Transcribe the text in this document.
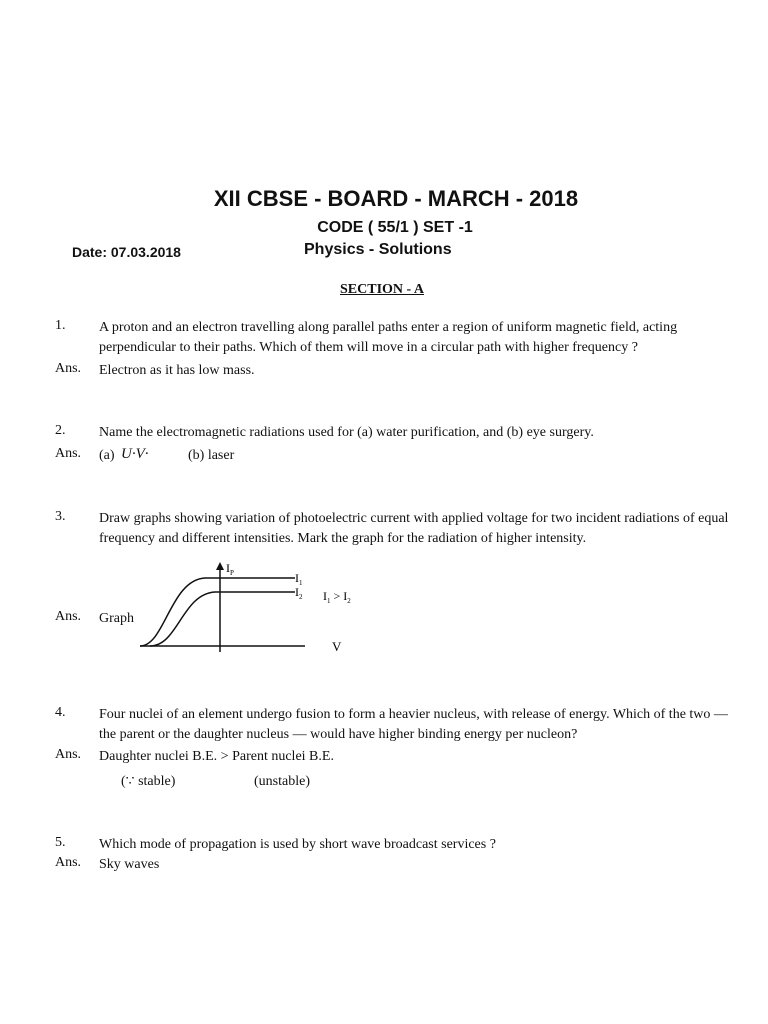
XII CBSE - BOARD - MARCH - 2018
CODE ( 55/1 ) SET -1
Date: 07.03.2018	Physics - Solutions
SECTION - A
1. A proton and an electron travelling along parallel paths enter a region of uniform magnetic field, acting perpendicular to their paths. Which of them will move in a circular path with higher frequency ?
Ans. Electron as it has low mass.
2. Name the electromagnetic radiations used for (a) water purification, and (b) eye surgery.
Ans. (a) U·V·	(b) laser
3. Draw graphs showing variation of photoelectric current with applied voltage for two incident radiations of equal frequency and different intensities. Mark the graph for the radiation of higher intensity.
Ans. Graph
$I_P$	$I_1$
$I_2$ $I_1 > I_2$
V
4. Four nuclei of an element undergo fusion to form a heavier nucleus, with release of energy. Which of the two — the parent or the daughter nucleus — would have higher binding energy per nucleon?
Ans. Daughter nuclei B.E. > Parent nuclei B.E.
(∵ stable)	(unstable)
5. Which mode of propagation is used by short wave broadcast services ?
Ans. Sky waves
